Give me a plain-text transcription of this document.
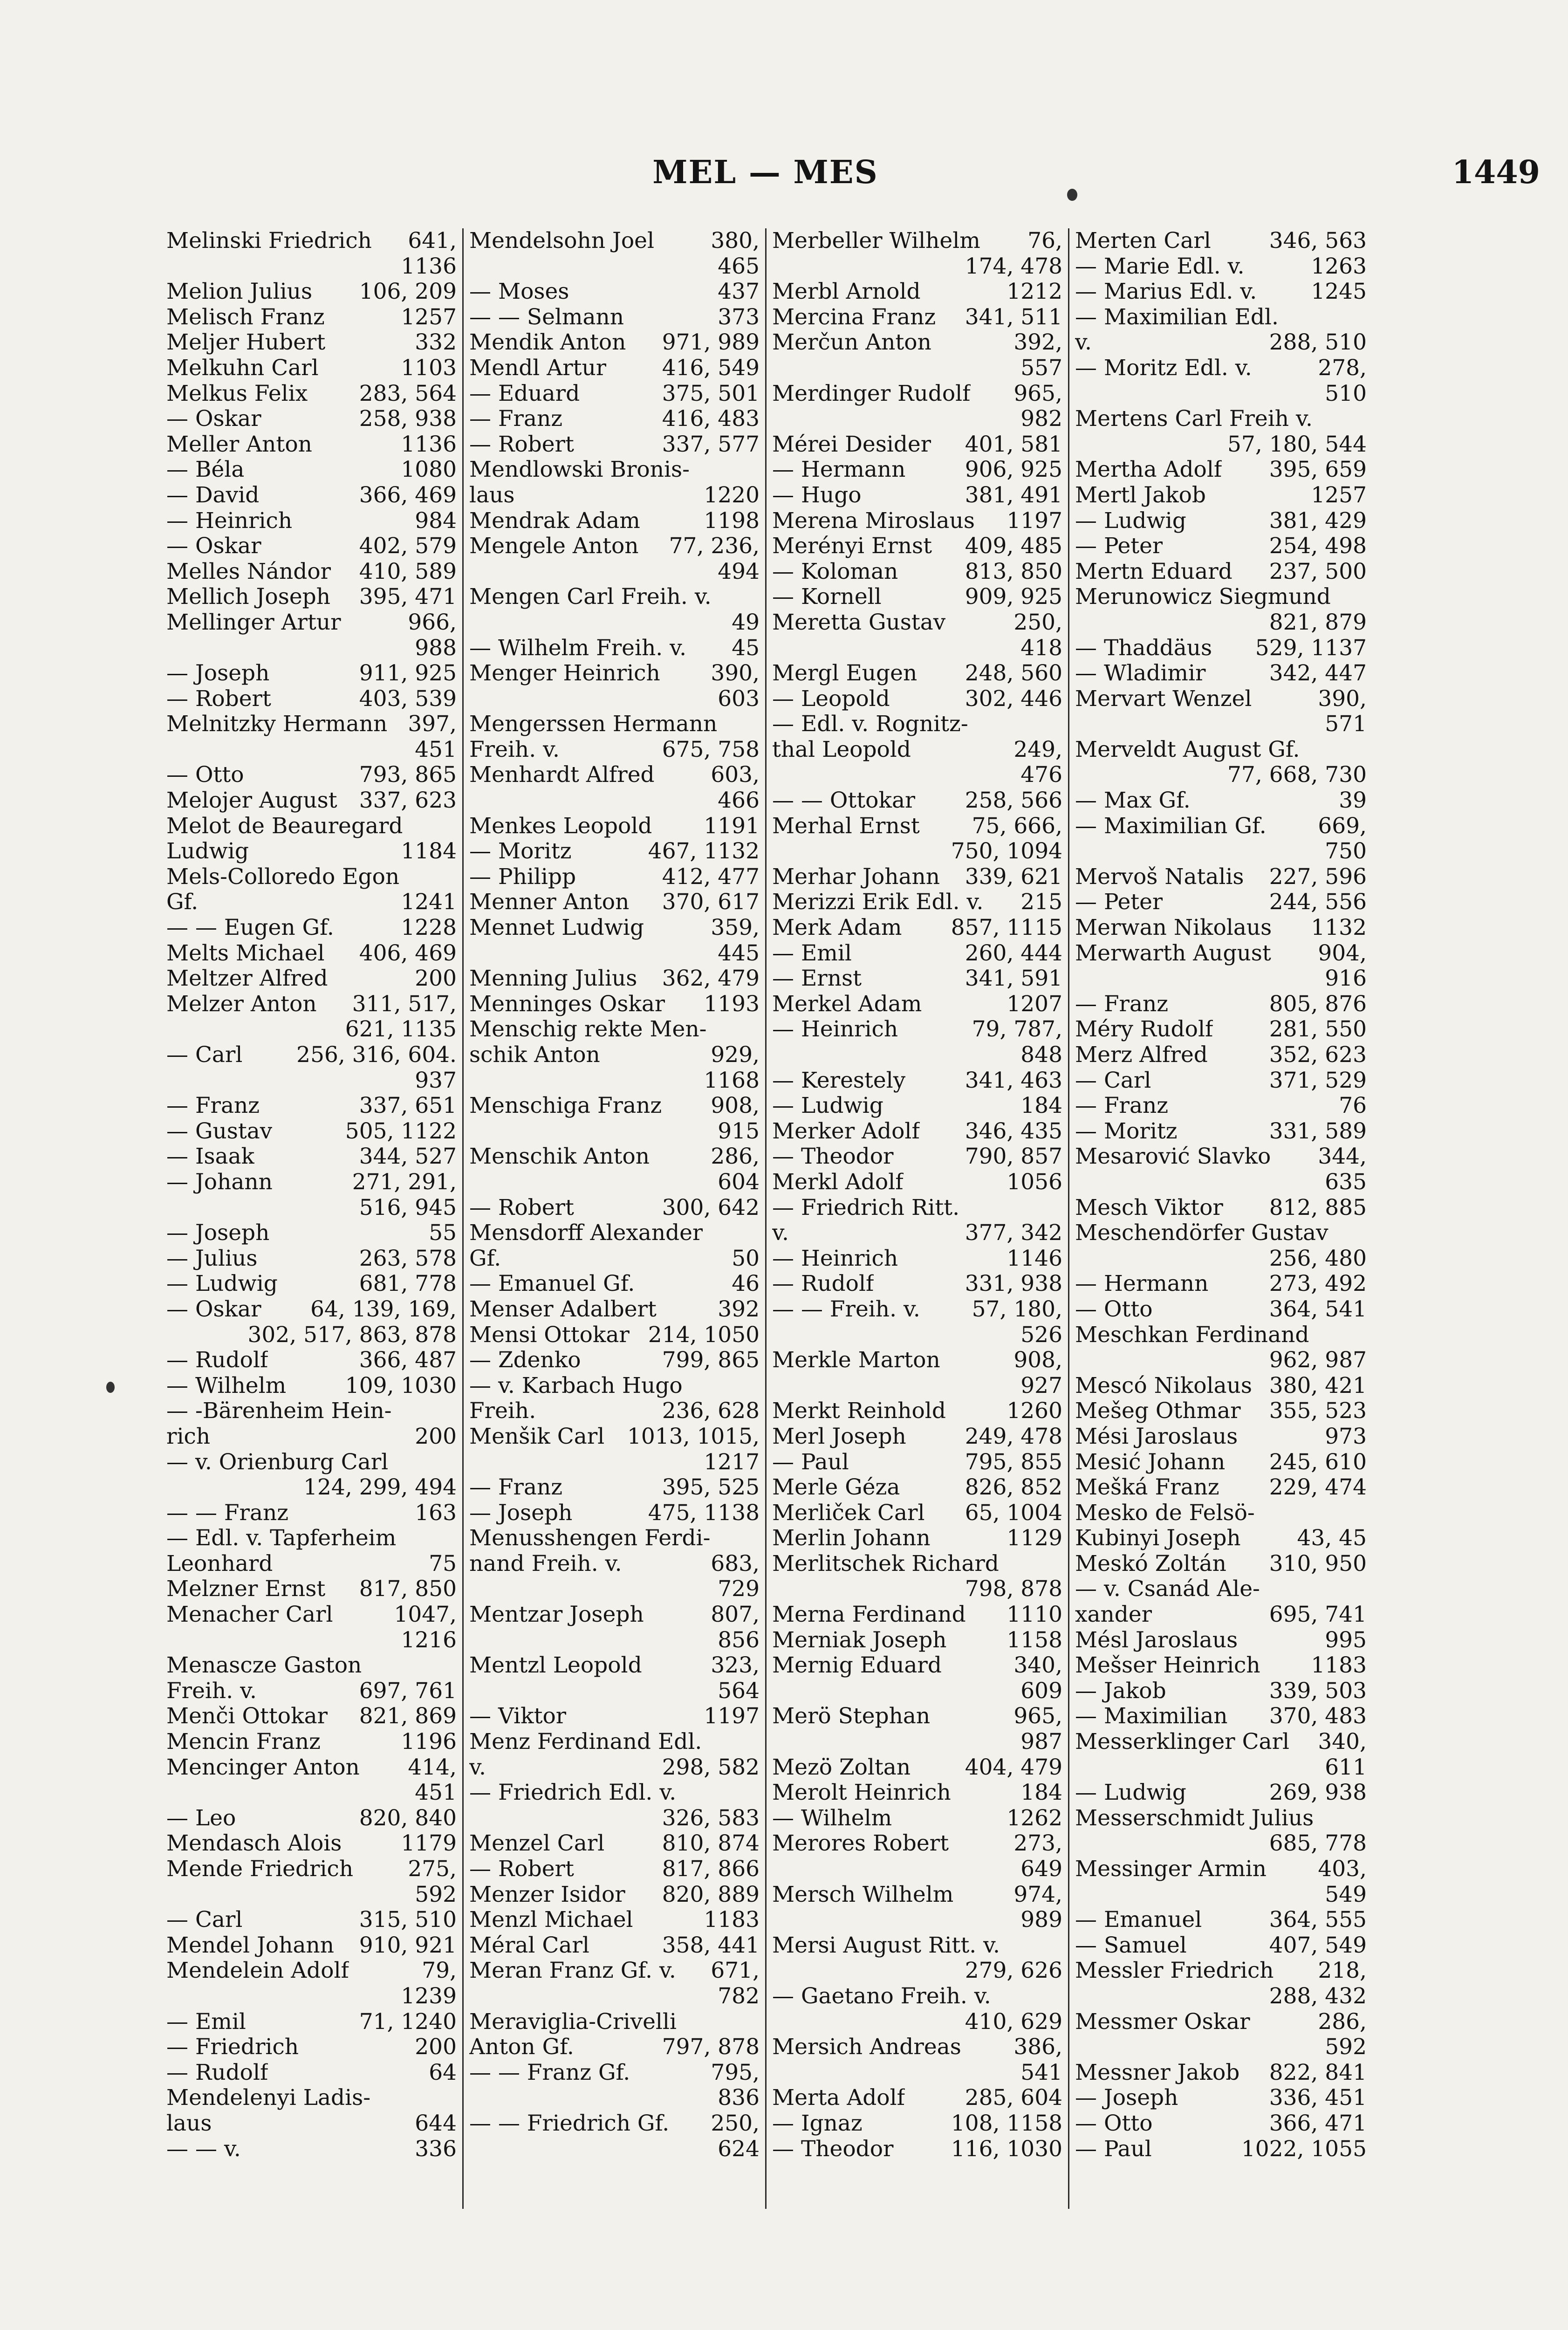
MEL — MES	1449
Melinski Friedrich 641,
1136
Melion Julius 106, 209
Melisch Franz	1257
Meljer Hubert	332
Melkuhn Carl	1103
Melkus Felix 283, 564
— Oskar	258, 938
Meller Anton	1136
— Béla	1080
— David	366, 469
— Heinrich	984
— Oskar	402, 579
Melles Nándor 410, 589
Mellich Joseph 395, 471
Mellinger Artur	966,
988
— Joseph	911, 925
— Robert	403, 539
Melnitzky Hermann 397,
451
— Otto	793, 865
Melojer August 337, 623
Melot de Beauregard
Ludwig	1184
Mels-Colloredo Egon
Gf.	1241
— — Eugen Gf.	1228
Melts Michael 406, 469
Meltzer Alfred	200
Melzer Anton 311, 517,
621, 1135
— Carl 256, 316, 604.
937
— Franz	337, 651
— Gustav	505, 1122
— Isaak	344, 527
— Johann	271, 291,
516, 945
— Joseph	55
— Julius	263, 578
— Ludwig	681, 778
— Oskar 64, 139, 169,
302, 517, 863, 878
— Rudolf	366, 487
— Wilhelm	109, 1030
— -Bärenheim Hein-
rich	200
— v. Orienburg Carl
124, 299, 494
— — Franz	163
— Edl. v. Tapferheim
Leonhard	75
Melzner Ernst 817, 850
Menacher Carl	1047,
1216
Menascze Gaston
Freih. v.	697, 761
Menči Ottokar 821, 869
Mencin Franz	1196
Mencinger Anton 414,
451
— Leo	820, 840
Mendasch Alois	1179
Mende Friedrich 275,
592
— Carl	315, 510
Mendel Johann 910, 921
Mendelein Adolf	79,
1239
— Emil	71, 1240
— Friedrich	200
— Rudolf	64
Mendelenyi Ladis-
laus	644
— — v.	336
Mendelsohn Joel	380,
465
— Moses	437
— — Selmann	373
Mendik Anton 971, 989
Mendl Artur	416, 549
— Eduard	375, 501
— Franz	416, 483
— Robert	337, 577
Mendlowski Bronis-
laus	1220
Mendrak Adam	1198
Mengele Anton 77, 236,
494
Mengen Carl Freih. v.
49
— Wilhelm Freih. v. 45
Menger Heinrich 390,
603
Mengerssen Hermann
Freih. v.	675, 758
Menhardt Alfred	603,
466
Menkes Leopold 1191
— Moritz	467, 1132
— Philipp	412, 477
Menner Anton 370, 617
Mennet Ludwig	359,
445
Menning Julius 362, 479
Menninges Oskar 1193
Menschig rekte Men-
schik Anton	929,
1168
Menschiga Franz 908,
915
Menschik Anton	286,
604
— Robert	300, 642
Mensdorff Alexander
Gf.	50
— Emanuel Gf.	46
Menser Adalbert	392
Mensi Ottokar 214, 1050
— Zdenko	799, 865
— v. Karbach Hugo
Freih.	236, 628
Menšik Carl 1013, 1015,
1217
— Franz	395, 525
— Joseph	475, 1138
Menusshengen Ferdi-
nand Freih. v.	683,
729
Mentzar Joseph	807,
856
Mentzl Leopold	323,
564
— Viktor	1197
Menz Ferdinand Edl.
v.	298, 582
— Friedrich Edl. v.
326, 583
Menzel Carl	810, 874
— Robert	817, 866
Menzer Isidor 820, 889
Menzl Michael	1183
Méral Carl	358, 441
Meran Franz Gf. v. 671,
782
Meraviglia-Crivelli
Anton Gf.	797, 878
— — Franz Gf.	795,
836
— — Friedrich Gf. 250,
624
Merbeller Wilhelm 76,
174, 478
Merbl Arnold	1212
Mercina Franz 341, 511
Merčun Anton	392,
557
Merdinger Rudolf 965,
982
Mérei Desider 401, 581
— Hermann	906, 925
— Hugo	381, 491
Merena Miroslaus 1197
Merényi Ernst 409, 485
— Koloman	813, 850
— Kornell	909, 925
Meretta Gustav	250,
418
Mergl Eugen 248, 560
— Leopold	302, 446
— Edl. v. Rognitz-
thal Leopold	249,
476
— — Ottokar 258, 566
Merhal Ernst 75, 666,
750, 1094
Merhar Johann 339, 621
Merizzi Erik Edl. v. 215
Merk Adam 857, 1115
— Emil	260, 444
— Ernst	341, 591
Merkel Adam	1207
— Heinrich	79, 787,
848
— Kerestely	341, 463
— Ludwig	184
Merker Adolf 346, 435
— Theodor	790, 857
Merkl Adolf	1056
— Friedrich Ritt.
v.	377, 342
— Heinrich	1146
— Rudolf	331, 938
— — Freih. v. 57, 180,
526
Merkle Marton	908,
927
Merkt Reinhold	1260
Merl Joseph	249, 478
— Paul	795, 855
Merle Géza	826, 852
Merliček Carl 65, 1004
Merlin Johann	1129
Merlitschek Richard
798, 878
Merna Ferdinand 1110
Merniak Joseph	1158
Mernig Eduard	340,
609
Merö Stephan	965,
987
Mezö Zoltan 404, 479
Merolt Heinrich	184
— Wilhelm	1262
Merores Robert	273,
649
Mersch Wilhelm	974,
989
Mersi August Ritt. v.
279, 626
— Gaetano Freih. v.
410, 629
Mersich Andreas 386,
541
Merta Adolf	285, 604
— Ignaz	108, 1158
— Theodor	116, 1030
Merten Carl	346, 563
— Marie Edl. v.	1263
— Marius Edl. v. 1245
— Maximilian Edl.
v.	288, 510
— Moritz Edl. v.	278,
510
Mertens Carl Freih v.
57, 180, 544
Mertha Adolf 395, 659
Mertl Jakob	1257
— Ludwig	381, 429
— Peter	254, 498
Mertn Eduard 237, 500
Merunowicz Siegmund
821, 879
— Thaddäus 529, 1137
— Wladimir	342, 447
Mervart Wenzel	390,
571
Merveldt August Gf.
77, 668, 730
— Max Gf.	39
— Maximilian Gf. 669,
750
Mervoš Natalis 227, 596
— Peter	244, 556
Merwan Nikolaus 1132
Merwarth August 904,
916
— Franz	805, 876
Méry Rudolf	281, 550
Merz Alfred	352, 623
— Carl	371, 529
— Franz	76
— Moritz	331, 589
Mesarović Slavko 344,
635
Mesch Viktor 812, 885
Meschendörfer Gustav
256, 480
— Hermann	273, 492
— Otto	364, 541
Meschkan Ferdinand
962, 987
Mescó Nikolaus 380, 421
Mešeg Othmar 355, 523
Mési Jaroslaus	973
Mesić Johann 245, 610
Mešká Franz 229, 474
Mesko de Felsö-
Kubinyi Joseph	43, 45
Meskó Zoltán 310, 950
— v. Csanád Ale-
xander	695, 741
Mésl Jaroslaus	995
Mešser Heinrich 1183
— Jakob	339, 503
— Maximilian 370, 483
Messerklinger Carl 340,
611
— Ludwig	269, 938
Messerschmidt Julius
685, 778
Messinger Armin 403,
549
— Emanuel	364, 555
— Samuel	407, 549
Messler Friedrich 218,
288, 432
Messmer Oskar	286,
592
Messner Jakob 822, 841
— Joseph	336, 451
— Otto	366, 471
— Paul	1022, 1055
